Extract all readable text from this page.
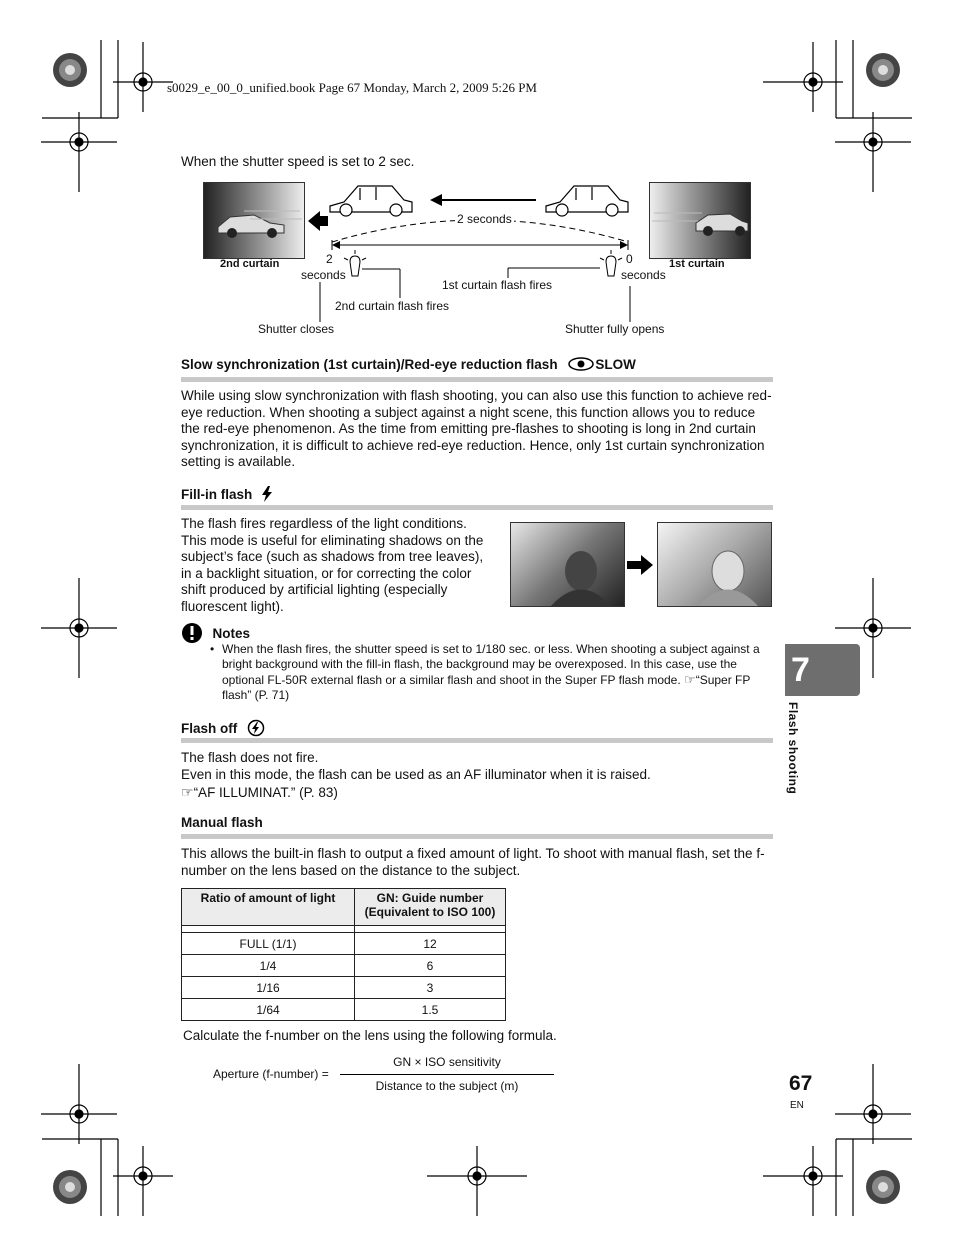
s0029_e_00_0_unified.book Page 67 Monday, March 2, 2009 5:26 PM
When the shutter speed is set to 2 sec.
2nd curtain	1st curtain
2 seconds
2
seconds
0
seconds
1st curtain flash fires
2nd curtain flash fires
Shutter closes	Shutter fully opens
Slow synchronization (1st curtain)/Red-eye reduction flash	SLOW
While using slow synchronization with flash shooting, you can also use this function to achieve red-eye reduction. When shooting a subject against a night scene, this function allows you to reduce the red-eye phenomenon. As the time from emitting pre-flashes to shooting is long in 2nd curtain synchronization, it is difficult to achieve red-eye reduction. Hence, only 1st curtain synchronization setting is available.
Fill-in flash
The flash fires regardless of the light conditions. This mode is useful for eliminating shadows on the subject’s face (such as shadows from tree leaves), in a backlight situation, or for correcting the color shift produced by artificial lighting (especially fluorescent light).
Notes
• When the flash fires, the shutter speed is set to 1/180 sec. or less. When shooting a subject against a bright background with the fill-in flash, the background may be overexposed. In this case, use the optional FL-50R external flash or a similar flash and shoot in the Super FP flash mode. ☞“Super FP flash” (P. 71)
Flash off
The flash does not fire.
Even in this mode, the flash can be used as an AF illuminator when it is raised.
☞“AF ILLUMINAT.” (P. 83)
Manual flash
This allows the built-in flash to output a fixed amount of light. To shoot with manual flash, set the f-number on the lens based on the distance to the subject.
Ratio of amount of light	GN: Guide number
(Equivalent to ISO 100)

FULL (1/1)	12
1/4	6
1/16	3
1/64	1.5
Calculate the f-number on the lens using the following formula.
Aperture (f-number) =
GN × ISO sensitivity
Distance to the subject (m)
7
Flash shooting
67
EN
